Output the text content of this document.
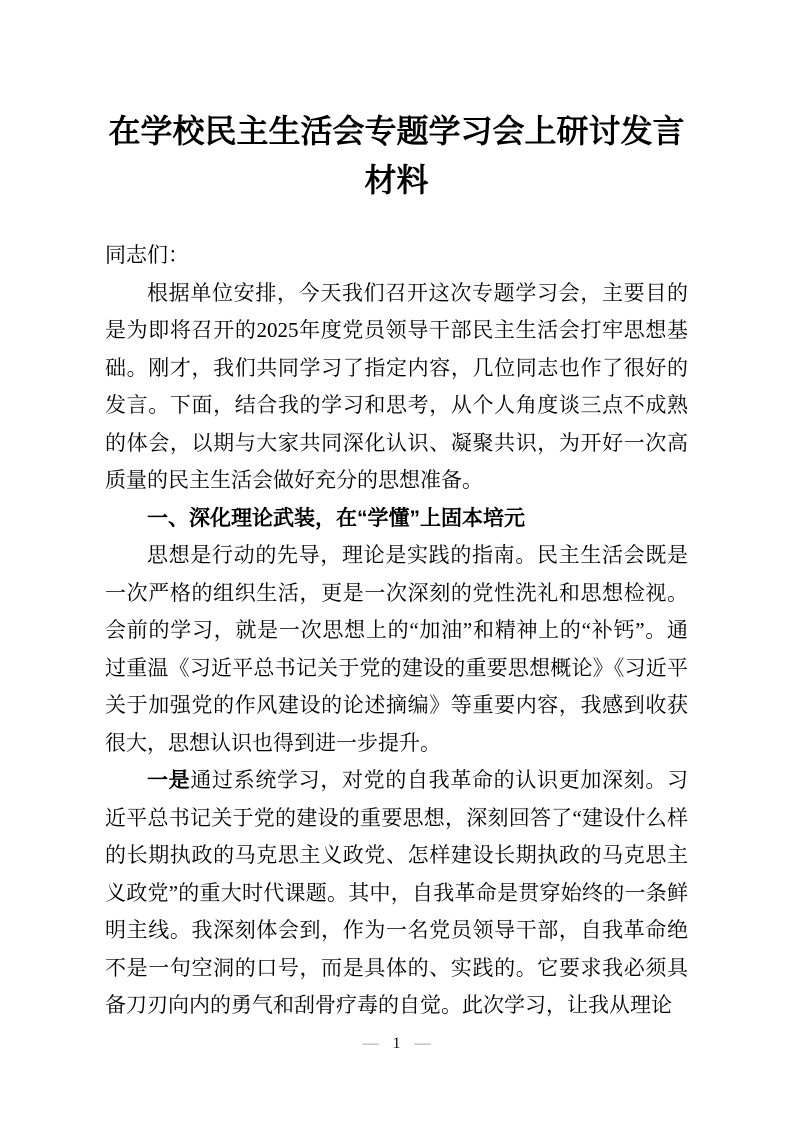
在学校民主生活会专题学习会上研讨发言材料

同志们：

根据单位安排，今天我们召开这次专题学习会，主要目的是为即将召开的2025年度党员领导干部民主生活会打牢思想基础。刚才，我们共同学习了指定内容，几位同志也作了很好的发言。下面，结合我的学习和思考，从个人角度谈三点不成熟的体会，以期与大家共同深化认识、凝聚共识，为开好一次高质量的民主生活会做好充分的思想准备。

一、深化理论武装，在“学懂”上固本培元

思想是行动的先导，理论是实践的指南。民主生活会既是一次严格的组织生活，更是一次深刻的党性洗礼和思想检视。会前的学习，就是一次思想上的“加油”和精神上的“补钙”。通过重温《习近平总书记关于党的建设的重要思想概论》《习近平关于加强党的作风建设的论述摘编》等重要内容，我感到收获很大，思想认识也得到进一步提升。

一是通过系统学习，对党的自我革命的认识更加深刻。习近平总书记关于党的建设的重要思想，深刻回答了“建设什么样的长期执政的马克思主义政党、怎样建设长期执政的马克思主义政党”的重大时代课题。其中，自我革命是贯穿始终的一条鲜明主线。我深刻体会到，作为一名党员领导干部，自我革命绝不是一句空洞的口号，而是具体的、实践的。它要求我必须具备刀刃向内的勇气和刮骨疗毒的自觉。此次学习，让我从理论

— 1 —
